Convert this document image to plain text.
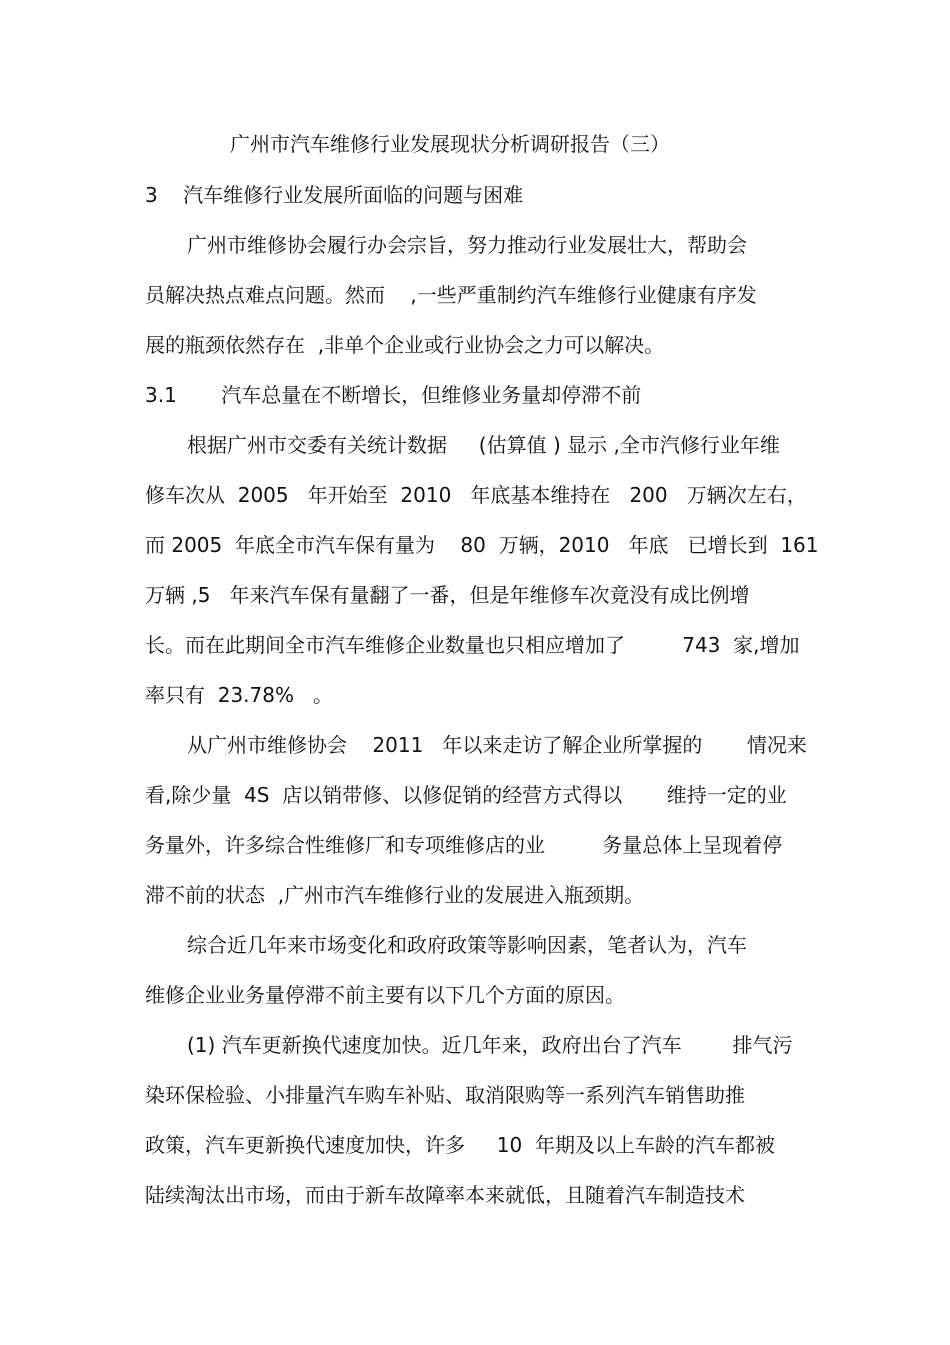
广州市汽车维修行业发展现状分析调研报告（三）
3    汽车维修行业发展所面临的问题与困难
广州市维修协会履行办会宗旨，努力推动行业发展壮大，帮助会
员解决热点难点问题。然而    ,一些严重制约汽车维修行业健康有序发
展的瓶颈依然存在  ,非单个企业或行业协会之力可以解决。
3.1       汽车总量在不断增长，但维修业务量却停滞不前
根据广州市交委有关统计数据     (估算值 ) 显示 ,全市汽修行业年维
修车次从  2005   年开始至  2010   年底基本维持在   200   万辆次左右，
而 2005  年底全市汽车保有量为    80  万辆，2010   年底   已增长到  161
万辆 ,5   年来汽车保有量翻了一番，但是年维修车次竟没有成比例增
长。而在此期间全市汽车维修企业数量也只相应增加了         743  家,增加
率只有  23.78%   。
从广州市维修协会    2011   年以来走访了解企业所掌握的       情况来
看,除少量  4S  店以销带修、以修促销的经营方式得以       维持一定的业
务量外，许多综合性维修厂和专项维修店的业         务量总体上呈现着停
滞不前的状态  ,广州市汽车维修行业的发展进入瓶颈期。
综合近几年来市场变化和政府政策等影响因素，笔者认为，汽车
维修企业业务量停滞不前主要有以下几个方面的原因。
(1) 汽车更新换代速度加快。近几年来，政府出台了汽车        排气污
染环保检验、小排量汽车购车补贴、取消限购等一系列汽车销售助推
政策，汽车更新换代速度加快，许多     10  年期及以上车龄的汽车都被
陆续淘汰出市场，而由于新车故障率本来就低，且随着汽车制造技术
